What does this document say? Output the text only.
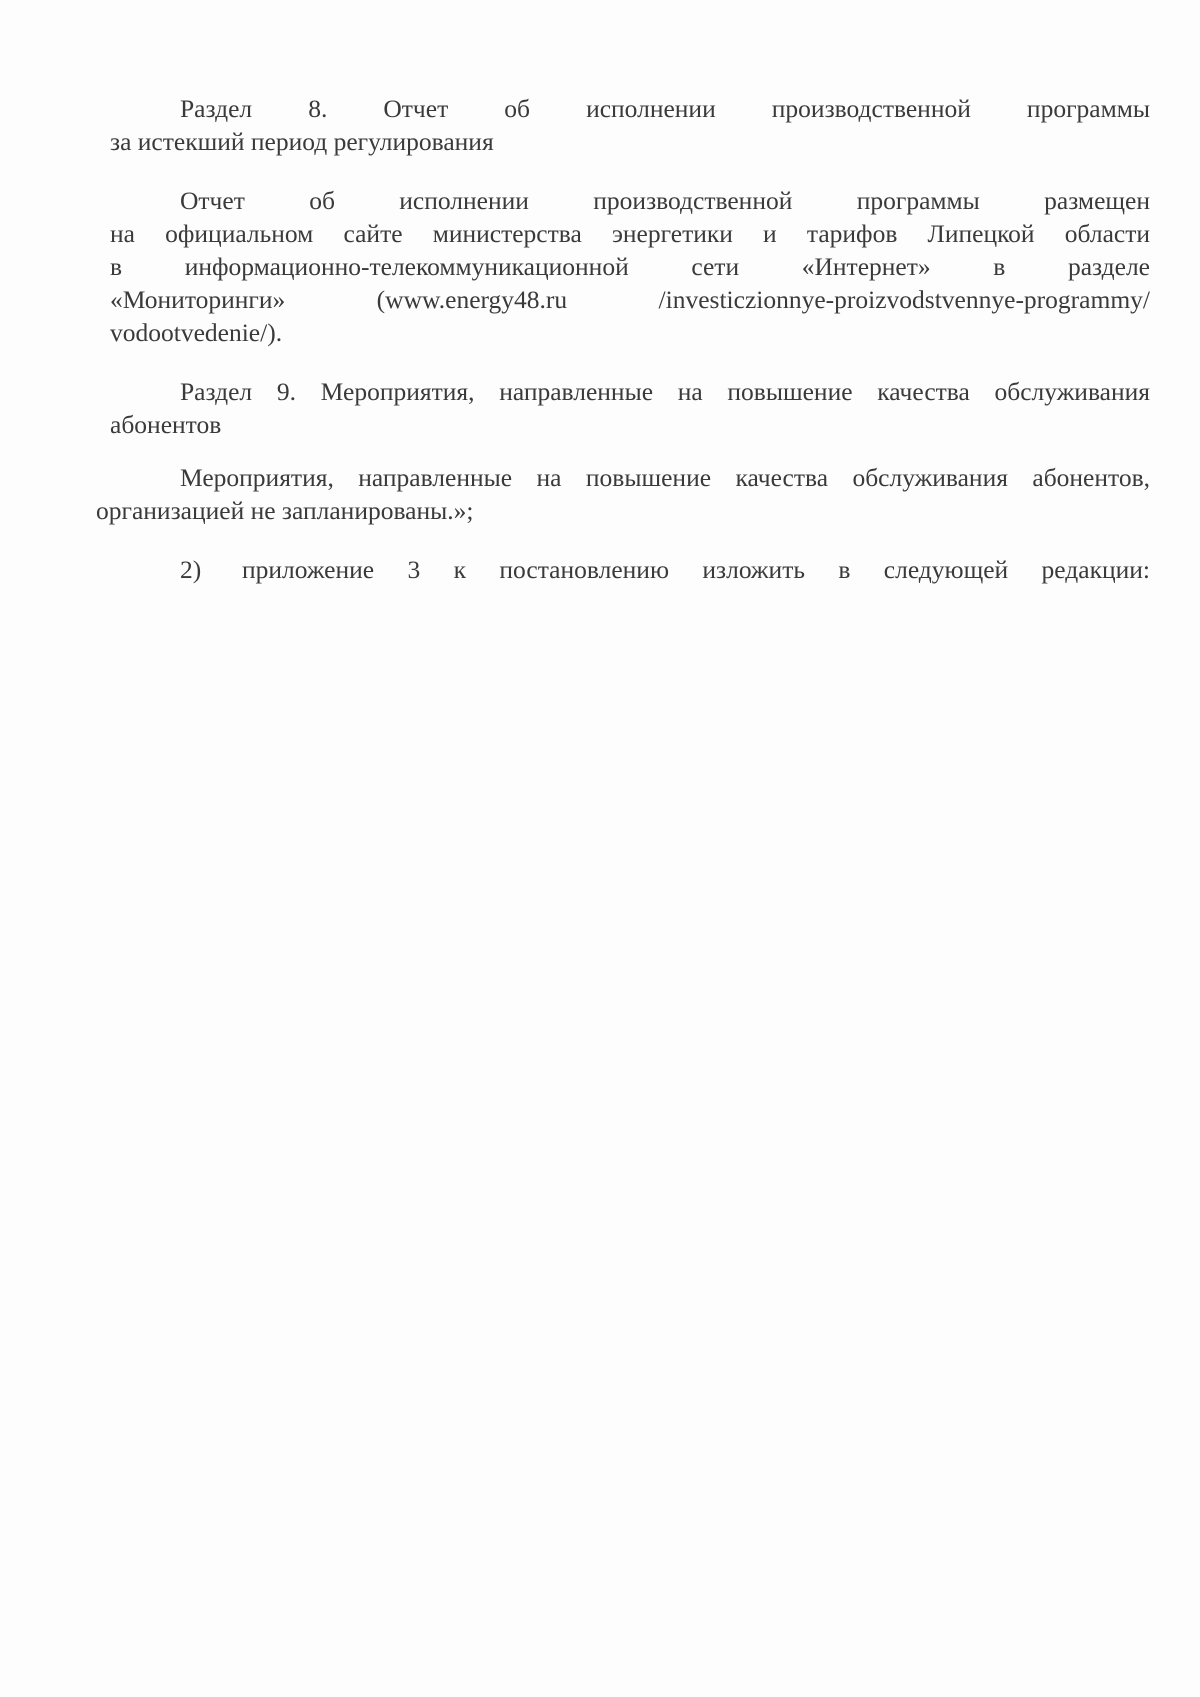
Раздел 8. Отчет об исполнении производственной программы

за истекший период регулирования

Отчет об исполнении производственной программы размещен

на официальном сайте министерства энергетики и тарифов Липецкой области

в информационно-телекоммуникационной сети «Интернет» в разделе

«Мониторинги» (www.energy48.ru /investiczionnye-proizvodstvennye-programmy/

vodootvedenie/).

Раздел 9. Мероприятия, направленные на повышение качества обслуживания

абонентов

Мероприятия, направленные на повышение качества обслуживания абонентов,

организацией не запланированы.»;

2) приложение 3 к постановлению изложить в следующей редакции:
